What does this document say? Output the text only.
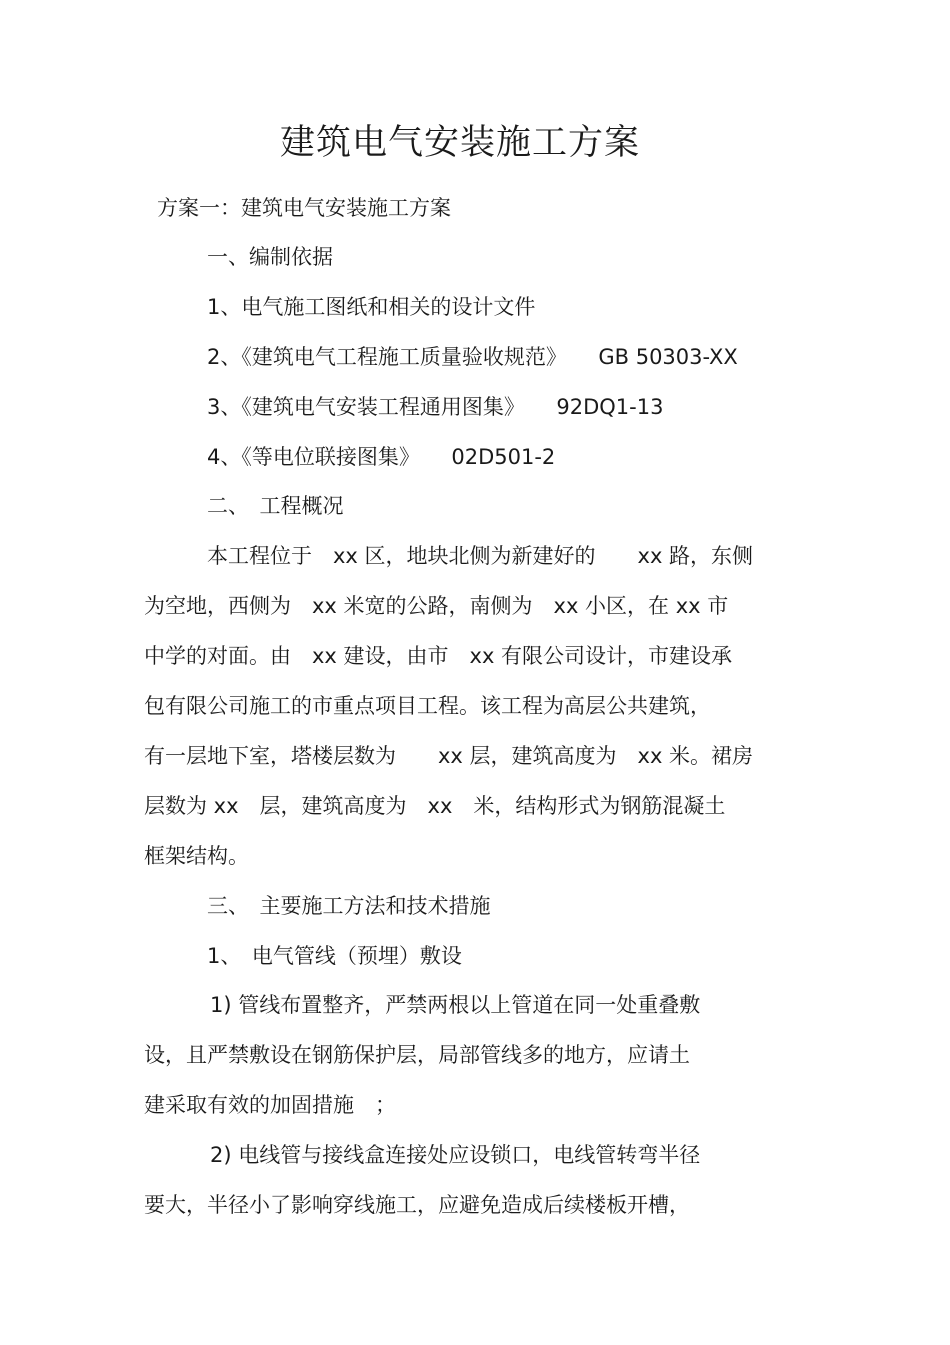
建筑电气安装施工方案

方案一：建筑电气安装施工方案

一、编制依据

1、电气施工图纸和相关的设计文件

2、《建筑电气工程施工质量验收规范》　　GB 50303-XX

3、《建筑电气安装工程通用图集》　　92DQ1-13

4、《等电位联接图集》　　02D501-2

二、　工程概况

本工程位于　xx 区，地块北侧为新建好的　　xx 路，东侧

为空地，西侧为　xx 米宽的公路，南侧为　xx 小区，在 xx 市

中学的对面。由　xx 建设，由市　xx 有限公司设计，市建设承

包有限公司施工的市重点项目工程。该工程为高层公共建筑，

有一层地下室，塔楼层数为　　xx 层，建筑高度为　xx 米。裙房

层数为 xx　层，建筑高度为　xx　米，结构形式为钢筋混凝土

框架结构。

三、　主要施工方法和技术措施

1、　电气管线（预埋）敷设

1) 管线布置整齐，严禁两根以上管道在同一处重叠敷

设，且严禁敷设在钢筋保护层，局部管线多的地方，应请土

建采取有效的加固措施　；

2) 电线管与接线盒连接处应设锁口，电线管转弯半径

要大，半径小了影响穿线施工，应避免造成后续楼板开槽，
